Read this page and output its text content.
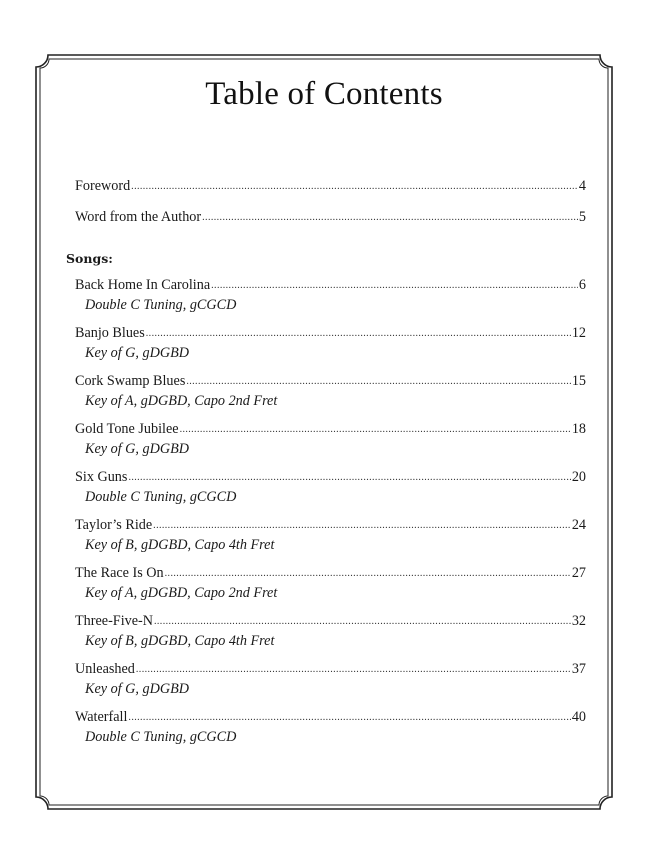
Table of Contents
Foreword .....	4
Word from the Author .....	5
Songs:
Back Home In Carolina .....	6
Double C Tuning, gCGCD
Banjo Blues .....	12
Key of G, gDGBD
Cork Swamp Blues .....	15
Key of A, gDGBD, Capo 2nd Fret
Gold Tone Jubilee .....	18
Key of G, gDGBD
Six Guns .....	20
Double C Tuning, gCGCD
Taylor’s Ride .....	24
Key of B, gDGBD, Capo 4th Fret
The Race Is On .....	27
Key of A, gDGBD, Capo 2nd Fret
Three-Five-N .....	32
Key of B, gDGBD, Capo 4th Fret
Unleashed .....	37
Key of G, gDGBD
Waterfall .....	40
Double C Tuning, gCGCD
